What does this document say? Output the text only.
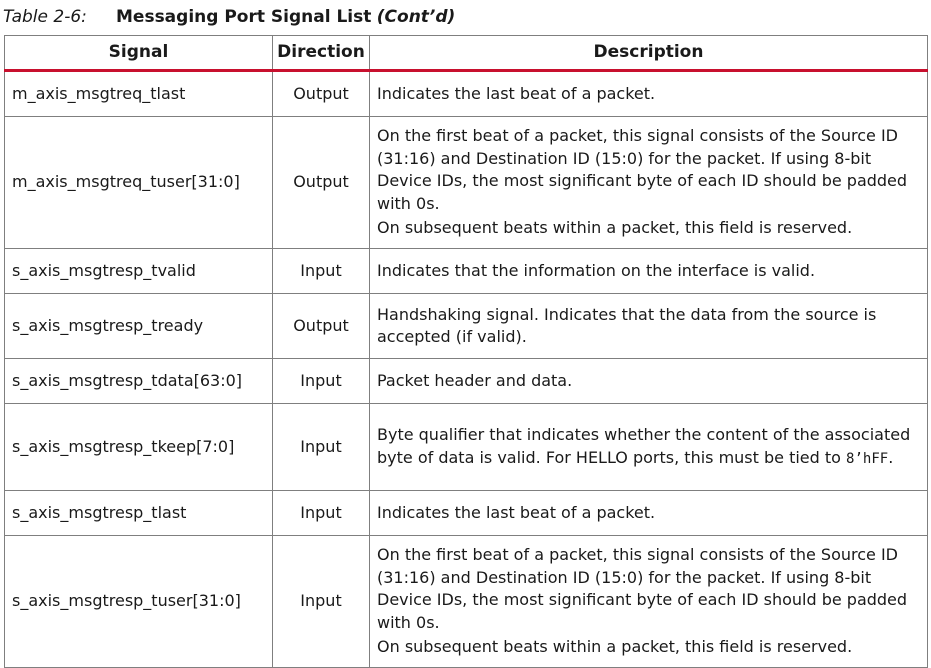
Table 2-6: Messaging Port Signal List (Cont’d)
Signal	Direction	Description
m_axis_msgtreq_tlast	Output	Indicates the last beat of a packet.

m_axis_msgtreq_tuser[31:0]	Output	On the first beat of a packet, this signal consists of the Source ID (31:16) and Destination ID (15:0) for the packet. If using 8-bit Device IDs, the most significant byte of each ID should be padded with 0s.
On subsequent beats within a packet, this field is reserved.

s_axis_msgtresp_tvalid	Input	Indicates that the information on the interface is valid.

s_axis_msgtresp_tready	Output	Handshaking signal. Indicates that the data from the source is accepted (if valid).

s_axis_msgtresp_tdata[63:0]	Input	Packet header and data.

s_axis_msgtresp_tkeep[7:0]	Input	Byte qualifier that indicates whether the content of the associated byte of data is valid. For HELLO ports, this must be tied to 8’hFF.

s_axis_msgtresp_tlast	Input	Indicates the last beat of a packet.

s_axis_msgtresp_tuser[31:0]	Input	On the first beat of a packet, this signal consists of the Source ID (31:16) and Destination ID (15:0) for the packet. If using 8-bit Device IDs, the most significant byte of each ID should be padded with 0s.
On subsequent beats within a packet, this field is reserved.
